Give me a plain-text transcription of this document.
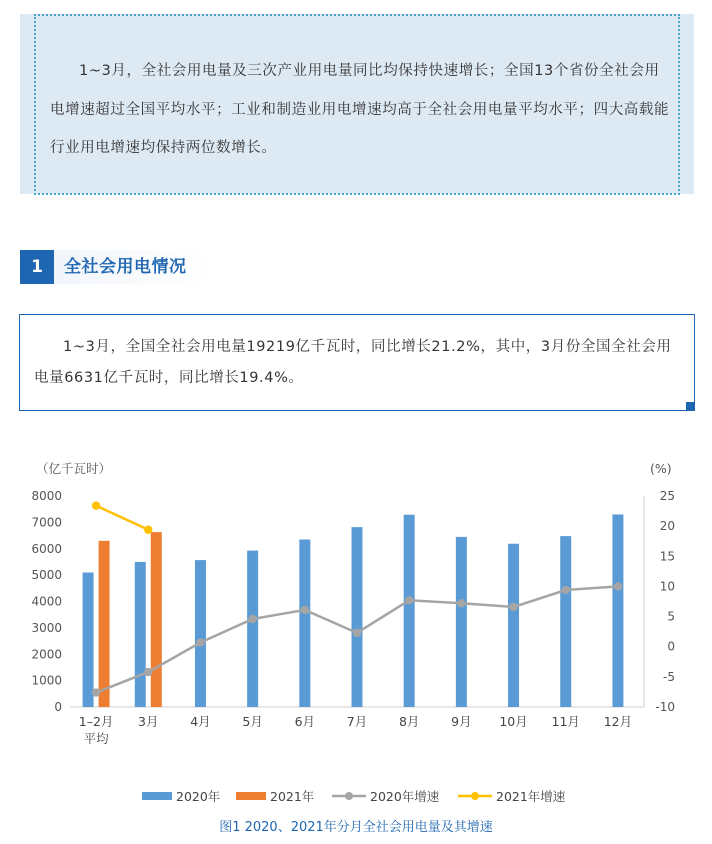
1~3月，全社会用电量及三次产业用电量同比均保持快速增长；全国13个省份全社会用电增速超过全国平均水平；工业和制造业用电增速均高于全社会用电量平均水平；四大高载能行业用电增速均保持两位数增长。
1	全社会用电情况
1~3月，全国全社会用电量19219亿千瓦时，同比增长21.2%，其中，3月份全国全社会用电量6631亿千瓦时，同比增长19.4%。
（亿千瓦时）	(%)
0
1000
2000
3000
4000
5000
6000
7000
8000
-10
-5
0
5
10
15
20
25
1–2月
平均
3月	4月	5月	6月	7月	8月	9月 10月 11月 12月
2020年	2021年	2020年增速	2021年增速
图1 2020、2021年分月全社会用电量及其增速
